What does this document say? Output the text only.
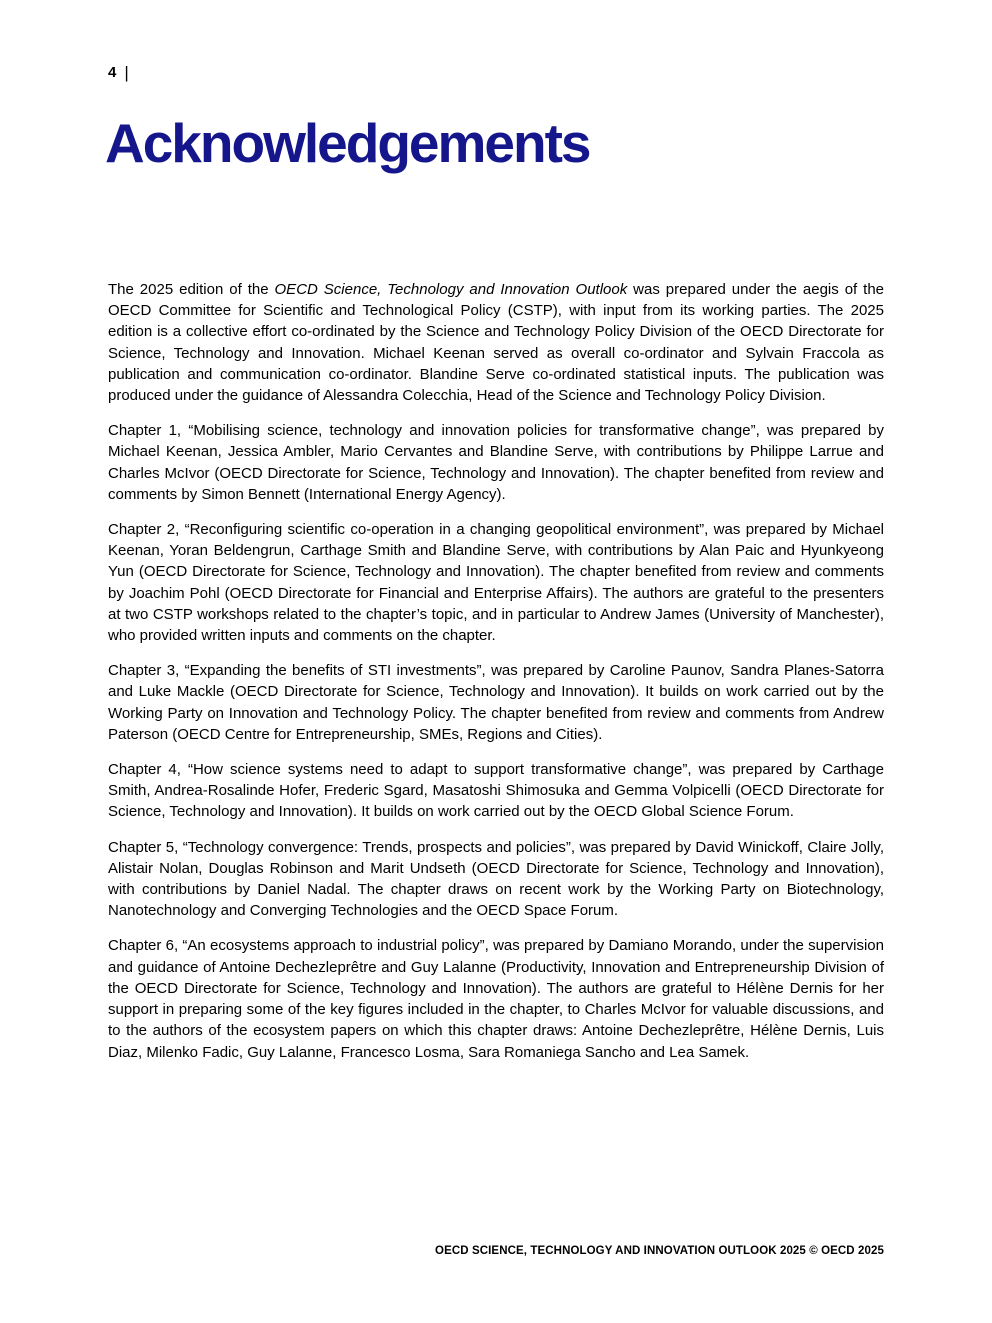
4 |
Acknowledgements

The 2025 edition of the OECD Science, Technology and Innovation Outlook was prepared under the aegis of the OECD Committee for Scientific and Technological Policy (CSTP), with input from its working parties. The 2025 edition is a collective effort co-ordinated by the Science and Technology Policy Division of the OECD Directorate for Science, Technology and Innovation. Michael Keenan served as overall co-ordinator and Sylvain Fraccola as publication and communication co-ordinator. Blandine Serve co-ordinated statistical inputs. The publication was produced under the guidance of Alessandra Colecchia, Head of the Science and Technology Policy Division.

Chapter 1, “Mobilising science, technology and innovation policies for transformative change”, was prepared by Michael Keenan, Jessica Ambler, Mario Cervantes and Blandine Serve, with contributions by Philippe Larrue and Charles McIvor (OECD Directorate for Science, Technology and Innovation). The chapter benefited from review and comments by Simon Bennett (International Energy Agency).

Chapter 2, “Reconfiguring scientific co-operation in a changing geopolitical environment”, was prepared by Michael Keenan, Yoran Beldengrun, Carthage Smith and Blandine Serve, with contributions by Alan Paic and Hyunkyeong Yun (OECD Directorate for Science, Technology and Innovation). The chapter benefited from review and comments by Joachim Pohl (OECD Directorate for Financial and Enterprise Affairs). The authors are grateful to the presenters at two CSTP workshops related to the chapter’s topic, and in particular to Andrew James (University of Manchester), who provided written inputs and comments on the chapter.

Chapter 3, “Expanding the benefits of STI investments”, was prepared by Caroline Paunov, Sandra Planes-Satorra and Luke Mackle (OECD Directorate for Science, Technology and Innovation). It builds on work carried out by the Working Party on Innovation and Technology Policy. The chapter benefited from review and comments from Andrew Paterson (OECD Centre for Entrepreneurship, SMEs, Regions and Cities).

Chapter 4, “How science systems need to adapt to support transformative change”, was prepared by Carthage Smith, Andrea-Rosalinde Hofer, Frederic Sgard, Masatoshi Shimosuka and Gemma Volpicelli (OECD Directorate for Science, Technology and Innovation). It builds on work carried out by the OECD Global Science Forum.

Chapter 5, “Technology convergence: Trends, prospects and policies”, was prepared by David Winickoff, Claire Jolly, Alistair Nolan, Douglas Robinson and Marit Undseth (OECD Directorate for Science, Technology and Innovation), with contributions by Daniel Nadal. The chapter draws on recent work by the Working Party on Biotechnology, Nanotechnology and Converging Technologies and the OECD Space Forum.

Chapter 6, “An ecosystems approach to industrial policy”, was prepared by Damiano Morando, under the supervision and guidance of Antoine Dechezleprêtre and Guy Lalanne (Productivity, Innovation and Entrepreneurship Division of the OECD Directorate for Science, Technology and Innovation). The authors are grateful to Hélène Dernis for her support in preparing some of the key figures included in the chapter, to Charles McIvor for valuable discussions, and to the authors of the ecosystem papers on which this chapter draws: Antoine Dechezleprêtre, Hélène Dernis, Luis Diaz, Milenko Fadic, Guy Lalanne, Francesco Losma, Sara Romaniega Sancho and Lea Samek.

OECD SCIENCE, TECHNOLOGY AND INNOVATION OUTLOOK 2025 © OECD 2025
